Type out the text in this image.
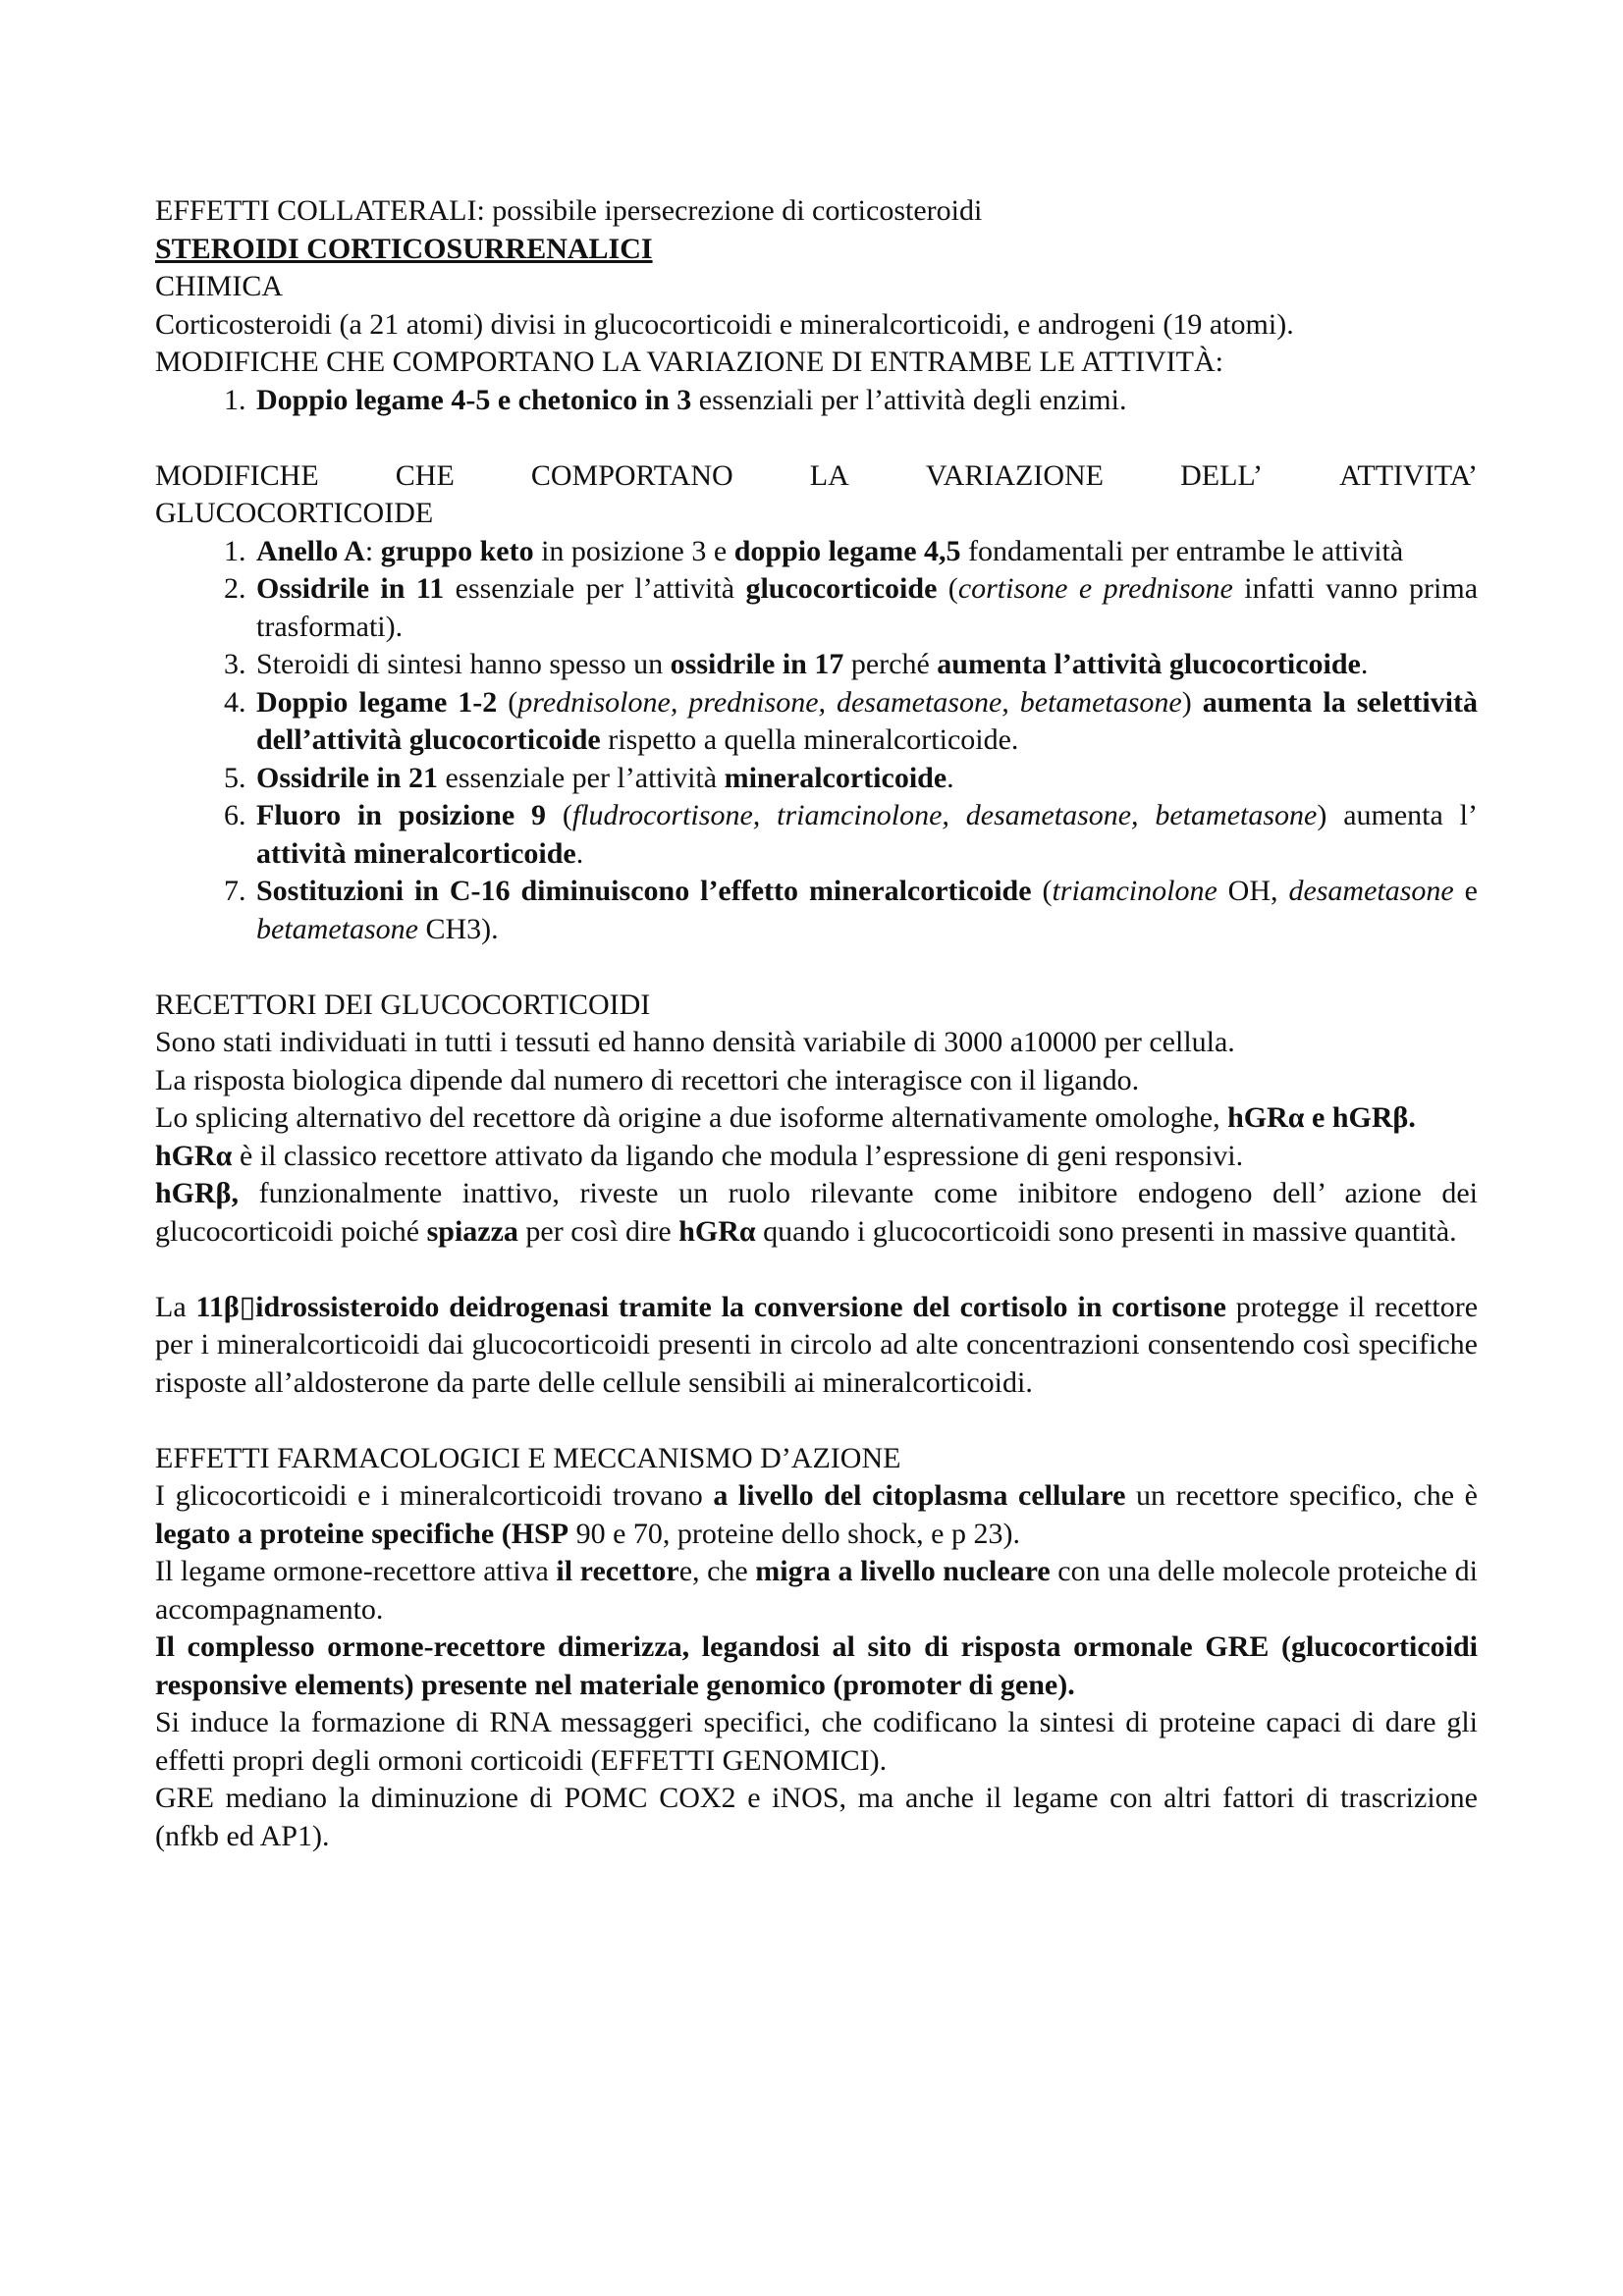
EFFETTI COLLATERALI: possibile ipersecrezione di corticosteroidi

STEROIDI CORTICOSURRENALICI

CHIMICA

Corticosteroidi (a 21 atomi) divisi in glucocorticoidi e mineralcorticoidi, e androgeni (19 atomi).

MODIFICHE CHE COMPORTANO LA VARIAZIONE DI ENTRAMBE LE ATTIVITÀ:

1. Doppio legame 4-5 e chetonico in 3 essenziali per l’attività degli enzimi.
MODIFICHE	CHE	COMPORTANO	LA	VARIAZIONE	DELL’	ATTIVITA’

GLUCOCORTICOIDE

1. Anello A: gruppo keto in posizione 3 e doppio legame 4,5 fondamentali per entrambe le attività
2. Ossidrile in 11 essenziale per l’attività glucocorticoide (cortisone e prednisone infatti vanno prima trasformati).
3. Steroidi di sintesi hanno spesso un ossidrile in 17 perché aumenta l’attività glucocorticoide.
4. Doppio legame 1-2 (prednisolone, prednisone, desametasone, betametasone) aumenta la selettività dell’attività glucocorticoide rispetto a quella mineralcorticoide.
5. Ossidrile in 21 essenziale per l’attività mineralcorticoide.
6. Fluoro in posizione 9 (fludrocortisone, triamcinolone, desametasone, betametasone) aumenta l’ attività mineralcorticoide.
7. Sostituzioni in C-16 diminuiscono l’effetto mineralcorticoide (triamcinolone OH, desametasone e betametasone CH3).

RECETTORI DEI GLUCOCORTICOIDI

Sono stati individuati in tutti i tessuti ed hanno densità variabile di 3000 a10000 per cellula.

La risposta biologica dipende dal numero di recettori che interagisce con il ligando.

Lo splicing alternativo del recettore dà origine a due isoforme alternativamente omologhe, hGRα e hGRβ.

hGRα è il classico recettore attivato da ligando che modula l’espressione di geni responsivi.

hGRβ, funzionalmente inattivo, riveste un ruolo rilevante come inibitore endogeno dell’ azione dei glucocorticoidi poiché spiazza per così dire hGRα quando i glucocorticoidi sono presenti in massive quantità.

La 11β▯idrossisteroido deidrogenasi tramite la conversione del cortisolo in cortisone protegge il recettore per i mineralcorticoidi dai glucocorticoidi presenti in circolo ad alte concentrazioni consentendo così specifiche risposte all’aldosterone da parte delle cellule sensibili ai mineralcorticoidi.

EFFETTI FARMACOLOGICI E MECCANISMO D’AZIONE

I glicocorticoidi e i mineralcorticoidi trovano a livello del citoplasma cellulare un recettore specifico, che è legato a proteine specifiche (HSP 90 e 70, proteine dello shock, e p 23).

Il legame ormone-recettore attiva il recettore, che migra a livello nucleare con una delle molecole proteiche di accompagnamento.

Il complesso ormone-recettore dimerizza, legandosi al sito di risposta ormonale GRE (glucocorticoidi responsive elements) presente nel materiale genomico (promoter di gene).

Si induce la formazione di RNA messaggeri specifici, che codificano la sintesi di proteine capaci di dare gli effetti propri degli ormoni corticoidi (EFFETTI GENOMICI).

GRE mediano la diminuzione di POMC COX2 e iNOS, ma anche il legame con altri fattori di trascrizione (nfkb ed AP1).
